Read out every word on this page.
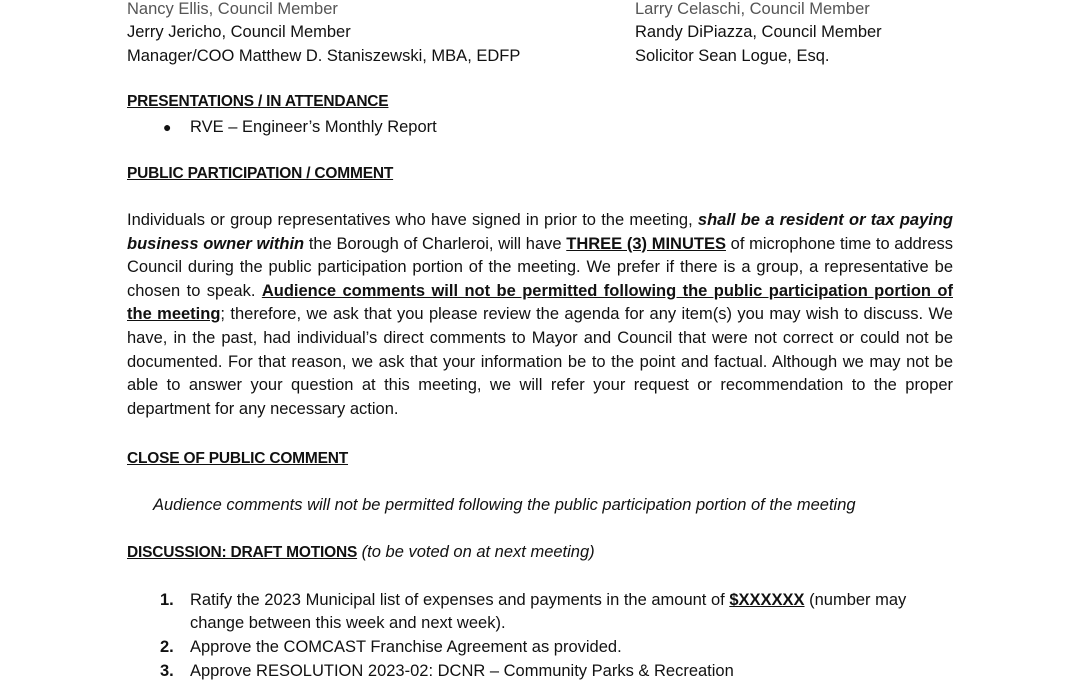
Nancy Ellis, Council Member	Larry Celaschi, Council Member
Jerry Jericho, Council Member	Randy DiPiazza, Council Member
Manager/COO Matthew D. Staniszewski, MBA, EDFP	Solicitor Sean Logue, Esq.
PRESENTATIONS / IN ATTENDANCE
● RVE – Engineer’s Monthly Report
PUBLIC PARTICIPATION / COMMENT
Individuals or group representatives who have signed in prior to the meeting, shall be a resident or tax paying business owner within the Borough of Charleroi, will have THREE (3) MINUTES of microphone time to address Council during the public participation portion of the meeting. We prefer if there is a group, a representative be chosen to speak. Audience comments will not be permitted following the public participation portion of the meeting; therefore, we ask that you please review the agenda for any item(s) you may wish to discuss. We have, in the past, had individual’s direct comments to Mayor and Council that were not correct or could not be documented. For that reason, we ask that your information be to the point and factual. Although we may not be able to answer your question at this meeting, we will refer your request or recommendation to the proper department for any necessary action.
CLOSE OF PUBLIC COMMENT
Audience comments will not be permitted following the public participation portion of the meeting
DISCUSSION: DRAFT MOTIONS (to be voted on at next meeting)
1. Ratify the 2023 Municipal list of expenses and payments in the amount of $XXXXXX (number may change between this week and next week).
2. Approve the COMCAST Franchise Agreement as provided.
3. Approve RESOLUTION 2023-02: DCNR – Community Parks & Recreation
